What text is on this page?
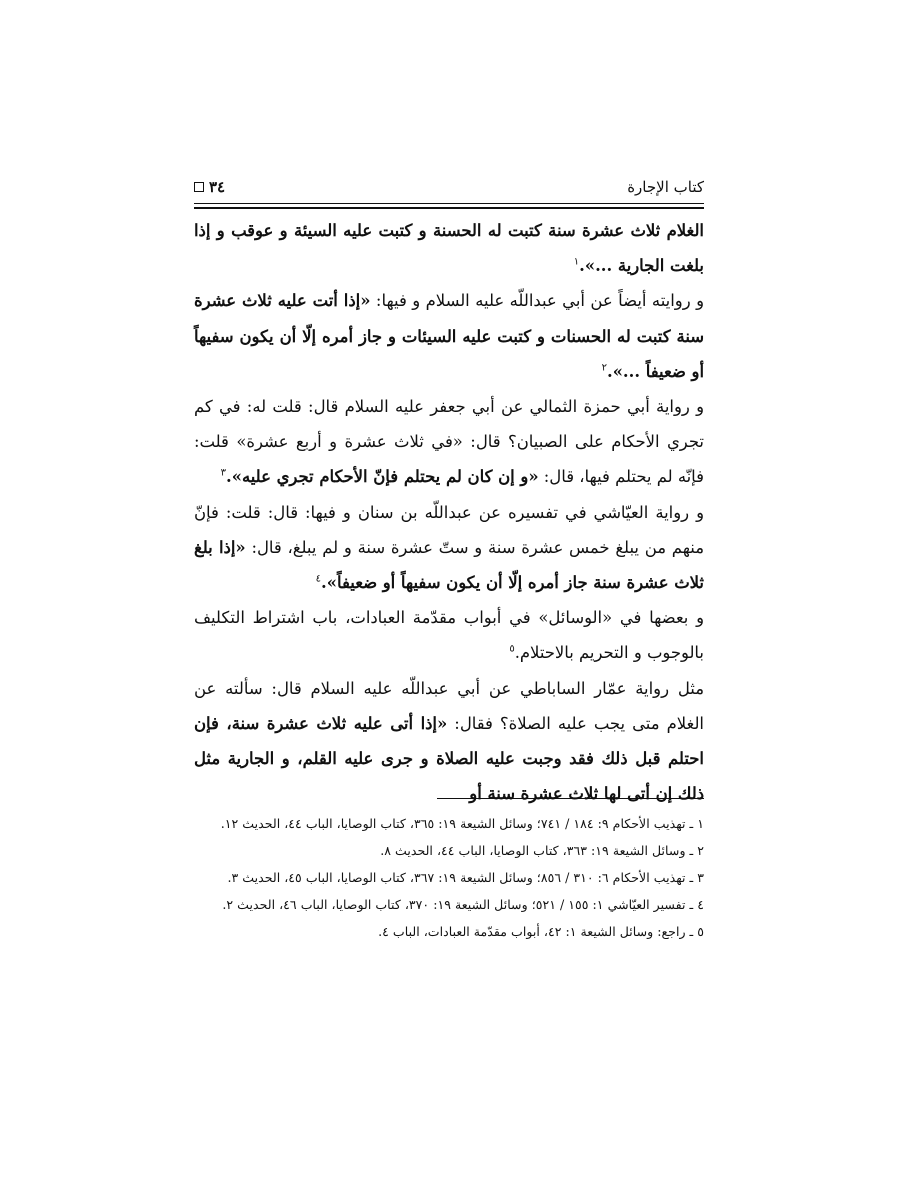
٣٤	كتاب الإجارة

الغلام ثلاث عشرة سنة كتبت له الحسنة و كتبت عليه السيئة و عوقب و إذا بلغت الجارية ...».$^١$

و روايته أيضاً عن أبي عبداللّه عليه السلام و فيها: «إذا أتت عليه ثلاث عشرة سنة كتبت له الحسنات و كتبت عليه السيئات و جاز أمره إلّا أن يكون سفيهاً أو ضعيفاً ...».$^٢$

و رواية أبي حمزة الثمالي عن أبي جعفر عليه السلام قال: قلت له: في كم تجري الأحكام على الصبيان؟ قال: «في ثلاث عشرة و أربع عشرة» قلت: فإنّه لم يحتلم فيها، قال: «و إن كان لم يحتلم فإنّ الأحكام تجري عليه».$^٣$

و رواية العيّاشي في تفسيره عن عبداللّه بن سنان و فيها: قال: قلت: فإنّ منهم من يبلغ خمس عشرة سنة و ستّ عشرة سنة و لم يبلغ، قال: «إذا بلغ ثلاث عشرة سنة جاز أمره إلّا أن يكون سفيهاً أو ضعيفاً».$^٤$

و بعضها في «الوسائل» في أبواب مقدّمة العبادات، باب اشتراط التكليف بالوجوب و التحريم بالاحتلام.$^٥$

مثل رواية عمّار الساباطي عن أبي عبداللّه عليه السلام قال: سألته عن الغلام متى يجب عليه الصلاة؟ فقال: «إذا أتى عليه ثلاث عشرة سنة، فإن احتلم قبل ذلك فقد وجبت عليه الصلاة و جرى عليه القلم، و الجارية مثل ذلك إن أتى لها ثلاث عشرة سنة أو

١ ـ تهذيب الأحكام ٩: ١٨٤ / ٧٤١؛ وسائل الشيعة ١٩: ٣٦٥، كتاب الوصايا، الباب ٤٤، الحديث ١٢.
٢ ـ وسائل الشيعة ١٩: ٣٦٣، كتاب الوصايا، الباب ٤٤، الحديث ٨.
٣ ـ تهذيب الأحكام ٦: ٣١٠ / ٨٥٦؛ وسائل الشيعة ١٩: ٣٦٧، كتاب الوصايا، الباب ٤٥، الحديث ٣.
٤ ـ تفسير العيّاشي ١: ١٥٥ / ٥٢١؛ وسائل الشيعة ١٩: ٣٧٠، كتاب الوصايا، الباب ٤٦، الحديث ٢.
٥ ـ راجع: وسائل الشيعة ١: ٤٢، أبواب مقدّمة العبادات، الباب ٤.
